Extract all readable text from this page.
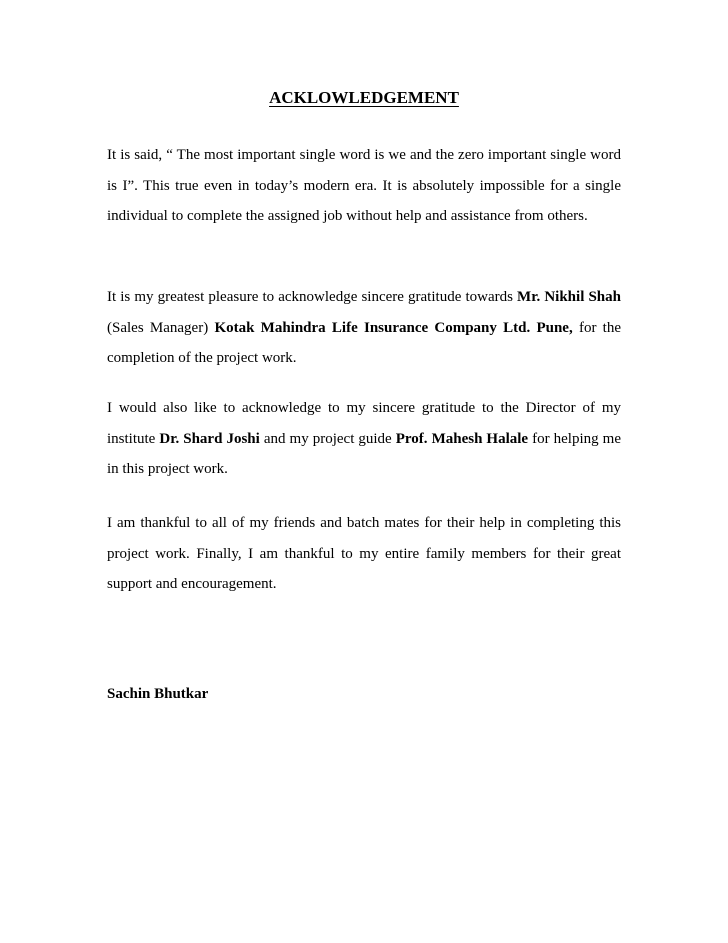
ACKLOWLEDGEMENT

It is said, “ The most important single word is we and the zero important single word is I”. This true even in today’s modern era. It is absolutely impossible for a single individual to complete the assigned job without help and assistance from others.

It is my greatest pleasure to acknowledge sincere gratitude towards Mr. Nikhil Shah (Sales Manager) Kotak Mahindra Life Insurance Company Ltd. Pune, for the completion of the project work.

I would also like to acknowledge to my sincere gratitude to the Director of my institute Dr. Shard Joshi and my project guide Prof. Mahesh Halale for helping me in this project work.

I am thankful to all of my friends and batch mates for their help in completing this project work. Finally, I am thankful to my entire family members for their great support and encouragement.

Sachin Bhutkar
